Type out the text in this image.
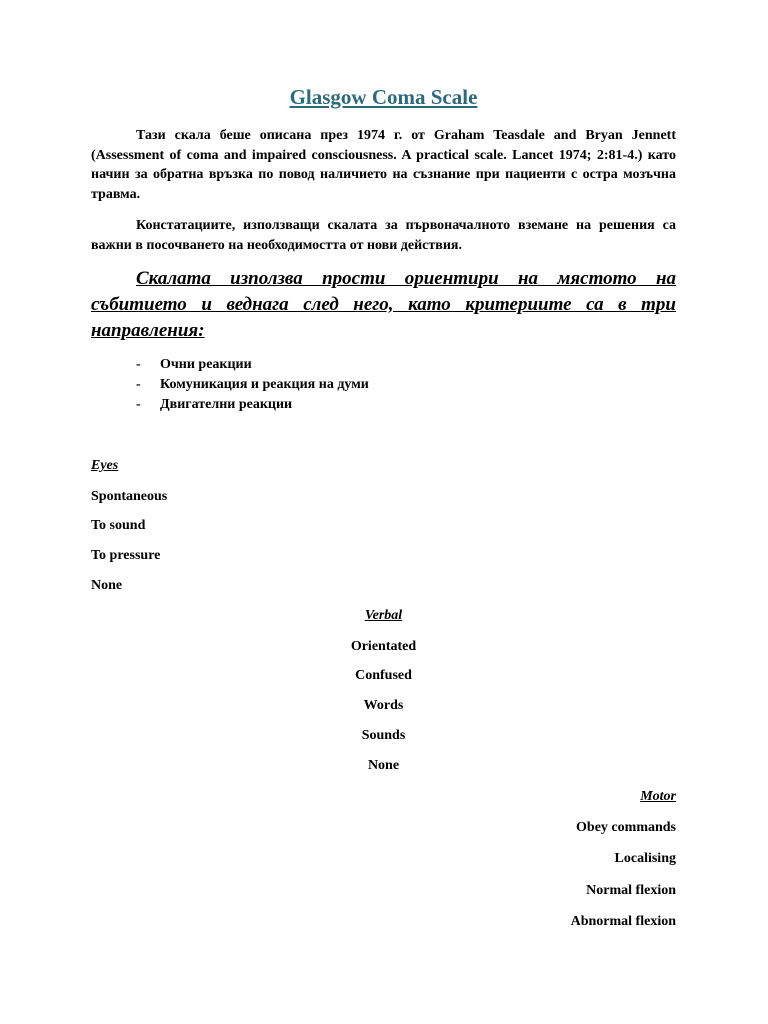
Glasgow Coma Scale
Тази скала беше описана през 1974 г. от Graham Teasdale and Bryan Jennett (Assessment of coma and impaired consciousness. A practical scale. Lancet 1974; 2:81-4.) като начин за обратна връзка по повод наличието на съзнание при пациенти с остра мозъчна травма.
Констатациите, използващи скалата за първоначалното вземане на решения са важни в посочването на необходимостта от нови действия.
Скалата използва прости ориентири на мястото на събитието и веднага след него, като критериите са в три направления:
- Очни реакции
- Комуникация и реакция на думи
- Двигателни реакции
Eyes
Spontaneous
To sound
To pressure
None
Verbal
Orientated
Confused
Words
Sounds
None
Motor
Obey commands
Localising
Normal flexion
Abnormal flexion
